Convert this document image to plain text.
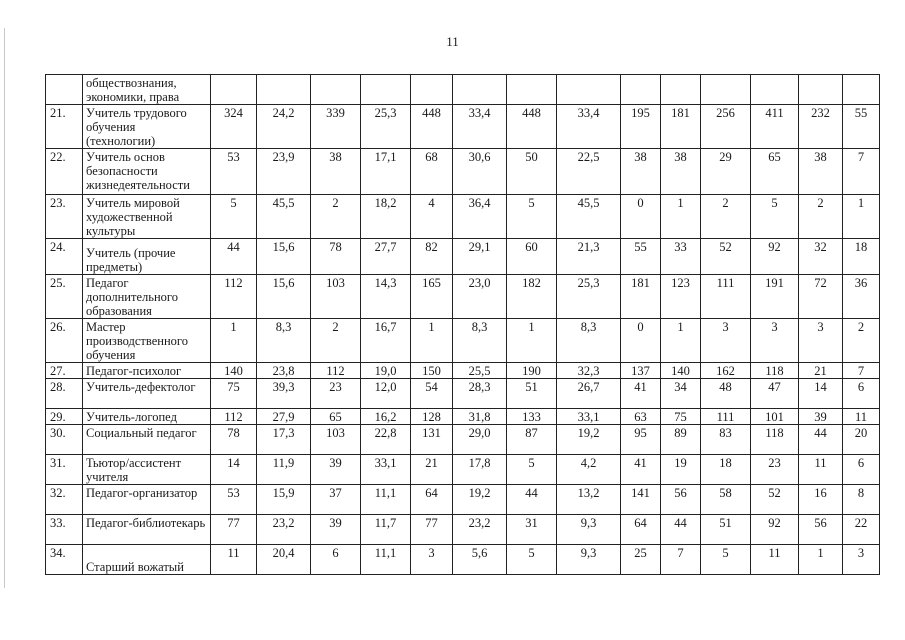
11
	обществознания, экономики, права														
21.	Учитель трудового обучения (технологии)	324	24,2	339	25,3	448	33,4	448	33,4	195	181	256	411	232	55
22.	Учитель основ безопасности жизнедеятельности	53	23,9	38	17,1	68	30,6	50	22,5	38	38	29	65	38	7
23.	Учитель мировой художественной культуры	5	45,5	2	18,2	4	36,4	5	45,5	0	1	2	5	2	1
24.	Учитель (прочие предметы)	44	15,6	78	27,7	82	29,1	60	21,3	55	33	52	92	32	18
25.	Педагог дополнительного образования	112	15,6	103	14,3	165	23,0	182	25,3	181	123	111	191	72	36
26.	Мастер производственного обучения	1	8,3	2	16,7	1	8,3	1	8,3	0	1	3	3	3	2
27.	Педагог-психолог	140	23,8	112	19,0	150	25,5	190	32,3	137	140	162	118	21	7
28.	Учитель-дефектолог	75	39,3	23	12,0	54	28,3	51	26,7	41	34	48	47	14	6
29.	Учитель-логопед	112	27,9	65	16,2	128	31,8	133	33,1	63	75	111	101	39	11
30.	Социальный педагог	78	17,3	103	22,8	131	29,0	87	19,2	95	89	83	118	44	20
31.	Тьютор/ассистент учителя	14	11,9	39	33,1	21	17,8	5	4,2	41	19	18	23	11	6
32.	Педагог-организатор	53	15,9	37	11,1	64	19,2	44	13,2	141	56	58	52	16	8
33.	Педагог-библиотекарь	77	23,2	39	11,7	77	23,2	31	9,3	64	44	51	92	56	22
34.	Старший вожатый	11	20,4	6	11,1	3	5,6	5	9,3	25	7	5	11	1	3
